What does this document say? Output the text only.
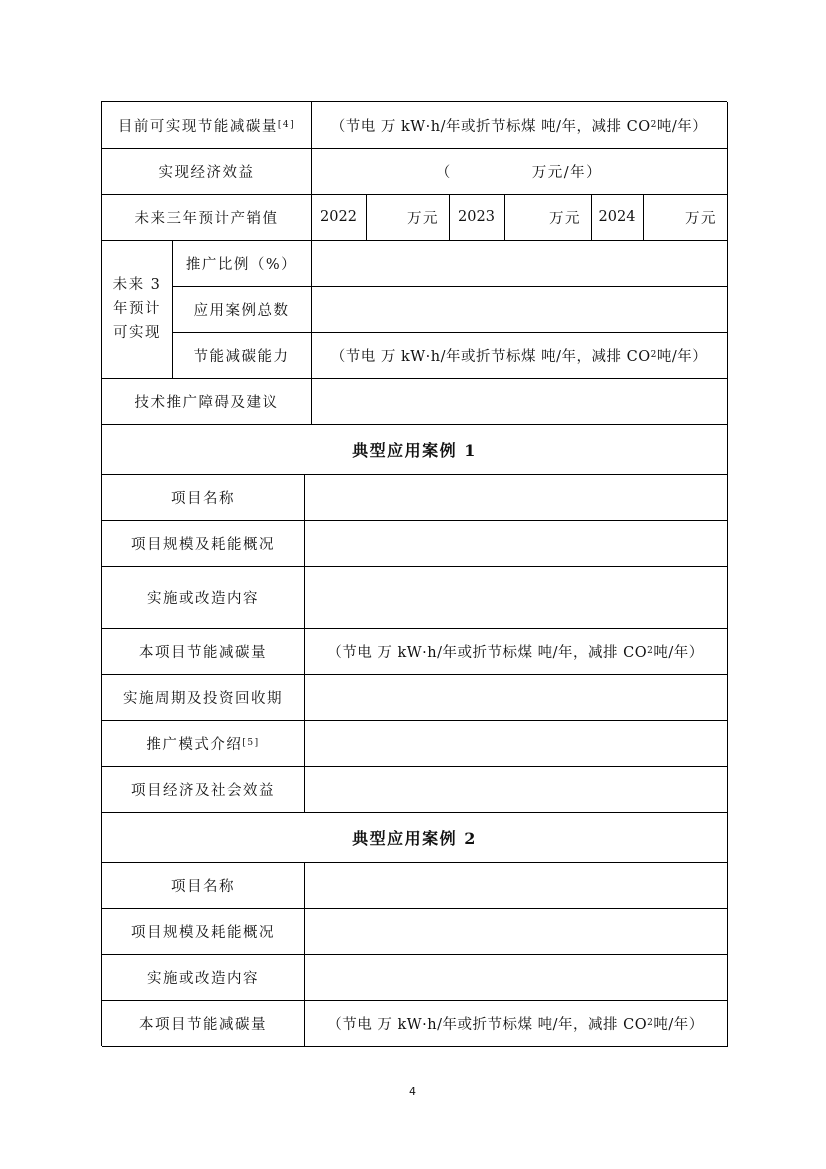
目前可实现节能减碳量 [4] （节电 万 kW·h/年或折节标煤 吨/年，减排 CO 2 吨/年）
实现经济效益	（　　　　　万元/年）
未来三年预计产销值	2022	万元	2023	万元	2024	万元
未来 3 年预计可实现
推广比例（%）
应用案例总数
节能减碳能力	（节电 万 kW·h/年或折节标煤 吨/年，减排 CO 2 吨/年）
技术推广障碍及建议
典型应用案例 1
项目名称
项目规模及耗能概况
实施或改造内容
本项目节能减碳量	（节电 万 kW·h/年或折节标煤 吨/年，减排 CO 2 吨/年）
实施周期及投资回收期
推广模式介绍 [5]
项目经济及社会效益
典型应用案例 2
项目名称
项目规模及耗能概况
实施或改造内容
本项目节能减碳量	（节电 万 kW·h/年或折节标煤 吨/年，减排 CO 2 吨/年）
4
